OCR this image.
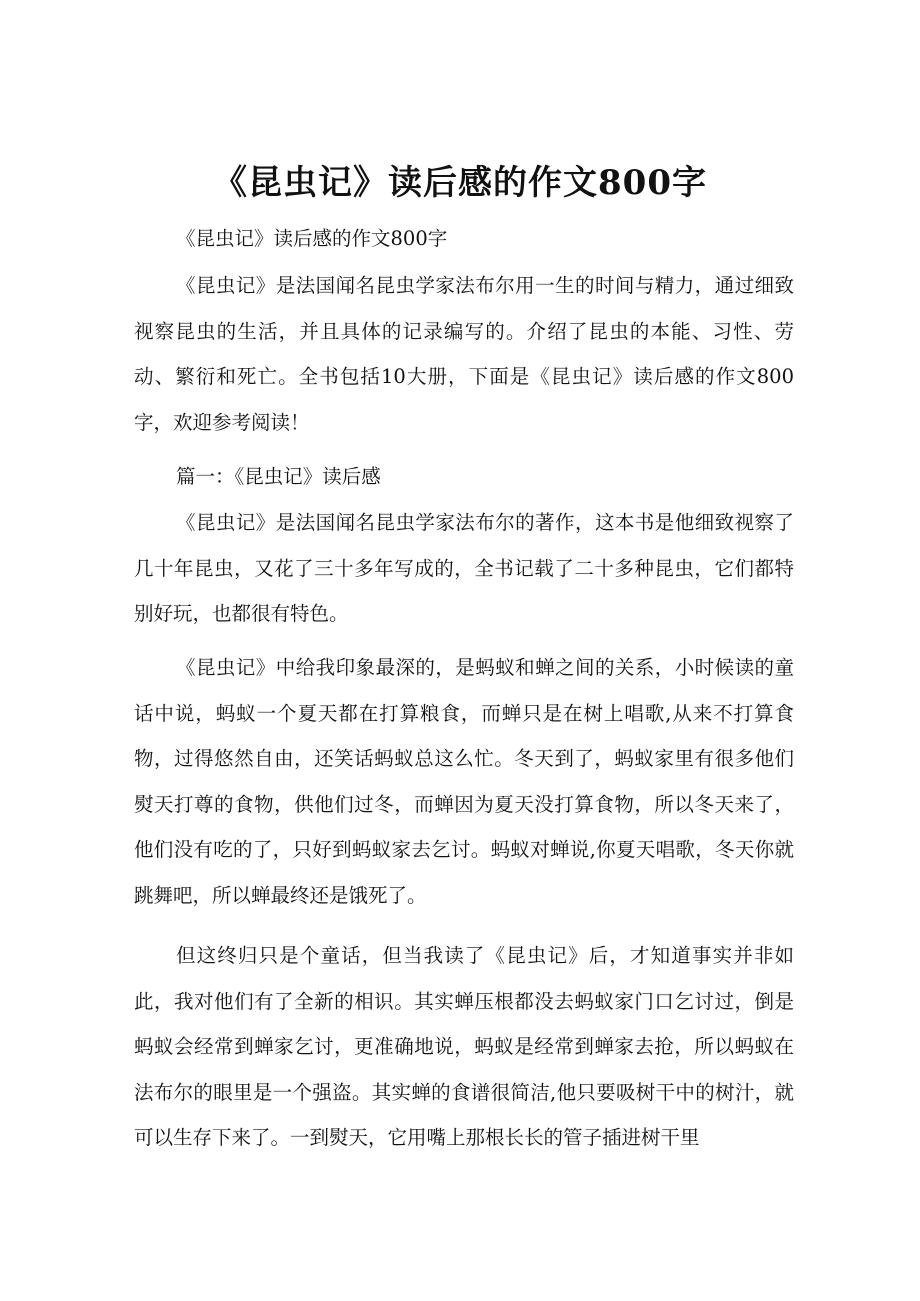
《昆虫记》读后感的作文800字

《昆虫记》读后感的作文800字

《昆虫记》是法国闻名昆虫学家法布尔用一生的时间与精力，通过细致视察昆虫的生活，并且具体的记录编写的。介绍了昆虫的本能、习性、劳动、繁衍和死亡。全书包括10大册，下面是《昆虫记》读后感的作文800字，欢迎参考阅读！

篇一：《昆虫记》读后感

《昆虫记》是法国闻名昆虫学家法布尔的著作，这本书是他细致视察了几十年昆虫，又花了三十多年写成的，全书记载了二十多种昆虫，它们都特别好玩，也都很有特色。

《昆虫记》中给我印象最深的，是蚂蚁和蝉之间的关系，小时候读的童话中说，蚂蚁一个夏天都在打算粮食，而蝉只是在树上唱歌,从来不打算食物，过得悠然自由，还笑话蚂蚁总这么忙。冬天到了，蚂蚁家里有很多他们熨天打尊的食物，供他们过冬，而蝉因为夏天没打算食物，所以冬天来了，他们没有吃的了，只好到蚂蚁家去乞讨。蚂蚁对蝉说,你夏天唱歌，冬天你就跳舞吧，所以蝉最终还是饿死了。

但这终归只是个童话，但当我读了《昆虫记》后，才知道事实并非如此，我对他们有了全新的相识。其实蝉压根都没去蚂蚁家门口乞讨过，倒是蚂蚁会经常到蝉家乞讨，更准确地说，蚂蚁是经常到蝉家去抢，所以蚂蚁在法布尔的眼里是一个强盗。其实蝉的食谱很简洁,他只要吸树干中的树汁，就可以生存下来了。一到熨天，它用嘴上那根长长的管子插进树干里
